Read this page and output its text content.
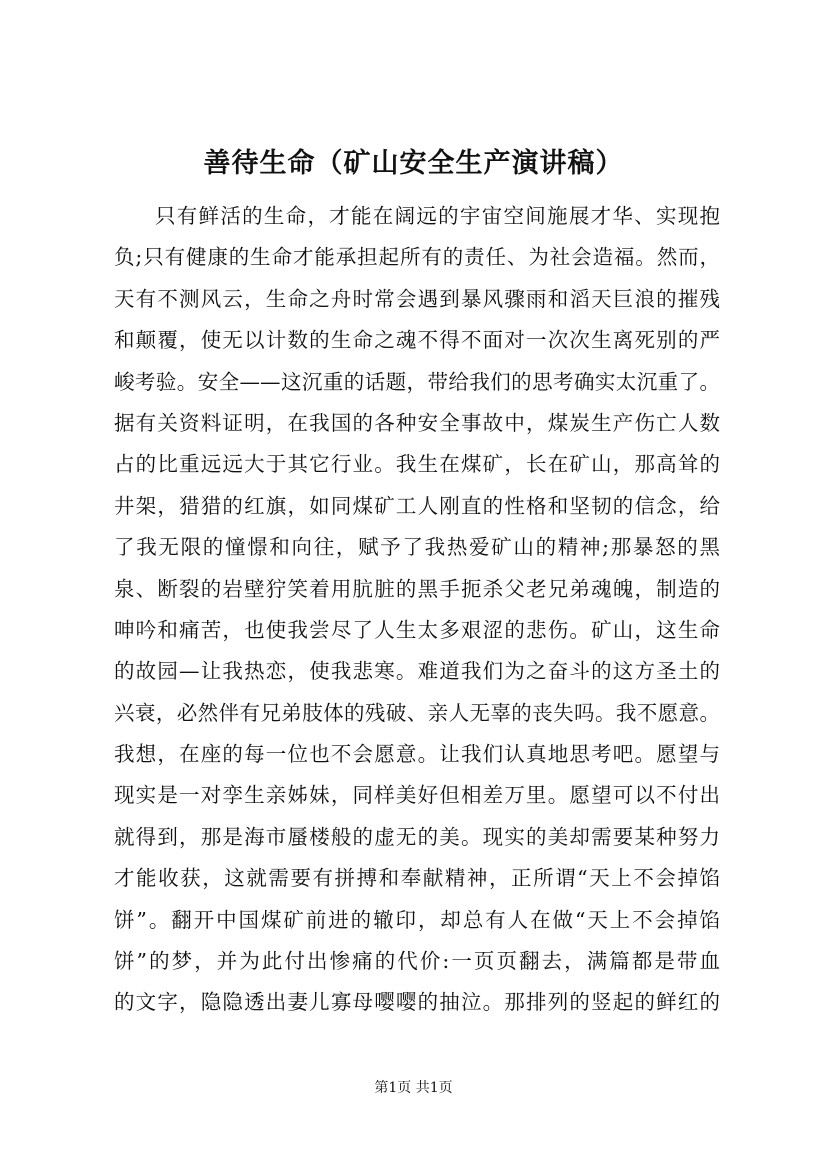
善待生命（矿山安全生产演讲稿）
只有鲜活的生命，才能在阔远的宇宙空间施展才华、实现抱
负;只有健康的生命才能承担起所有的责任、为社会造福。然而，
天有不测风云，生命之舟时常会遇到暴风骤雨和滔天巨浪的摧残
和颠覆，使无以计数的生命之魂不得不面对一次次生离死别的严
峻考验。安全——这沉重的话题，带给我们的思考确实太沉重了。
据有关资料证明，在我国的各种安全事故中，煤炭生产伤亡人数
占的比重远远大于其它行业。我生在煤矿，长在矿山，那高耸的
井架，猎猎的红旗，如同煤矿工人刚直的性格和坚韧的信念，给
了我无限的憧憬和向往，赋予了我热爱矿山的精神;那暴怒的黑
泉、断裂的岩壁狞笑着用肮脏的黑手扼杀父老兄弟魂魄，制造的
呻吟和痛苦，也使我尝尽了人生太多艰涩的悲伤。矿山，这生命
的故园—让我热恋，使我悲寒。难道我们为之奋斗的这方圣土的
兴衰，必然伴有兄弟肢体的残破、亲人无辜的丧失吗。我不愿意。
我想，在座的每一位也不会愿意。让我们认真地思考吧。愿望与
现实是一对孪生亲姊妹，同样美好但相差万里。愿望可以不付出
就得到，那是海市蜃楼般的虚无的美。现实的美却需要某种努力
才能收获，这就需要有拼搏和奉献精神，正所谓“天上不会掉馅
饼”。翻开中国煤矿前进的辙印，却总有人在做“天上不会掉馅
饼”的梦，并为此付出惨痛的代价:一页页翻去，满篇都是带血
的文字，隐隐透出妻儿寡母嘤嘤的抽泣。那排列的竖起的鲜红的
第1页 共1页
